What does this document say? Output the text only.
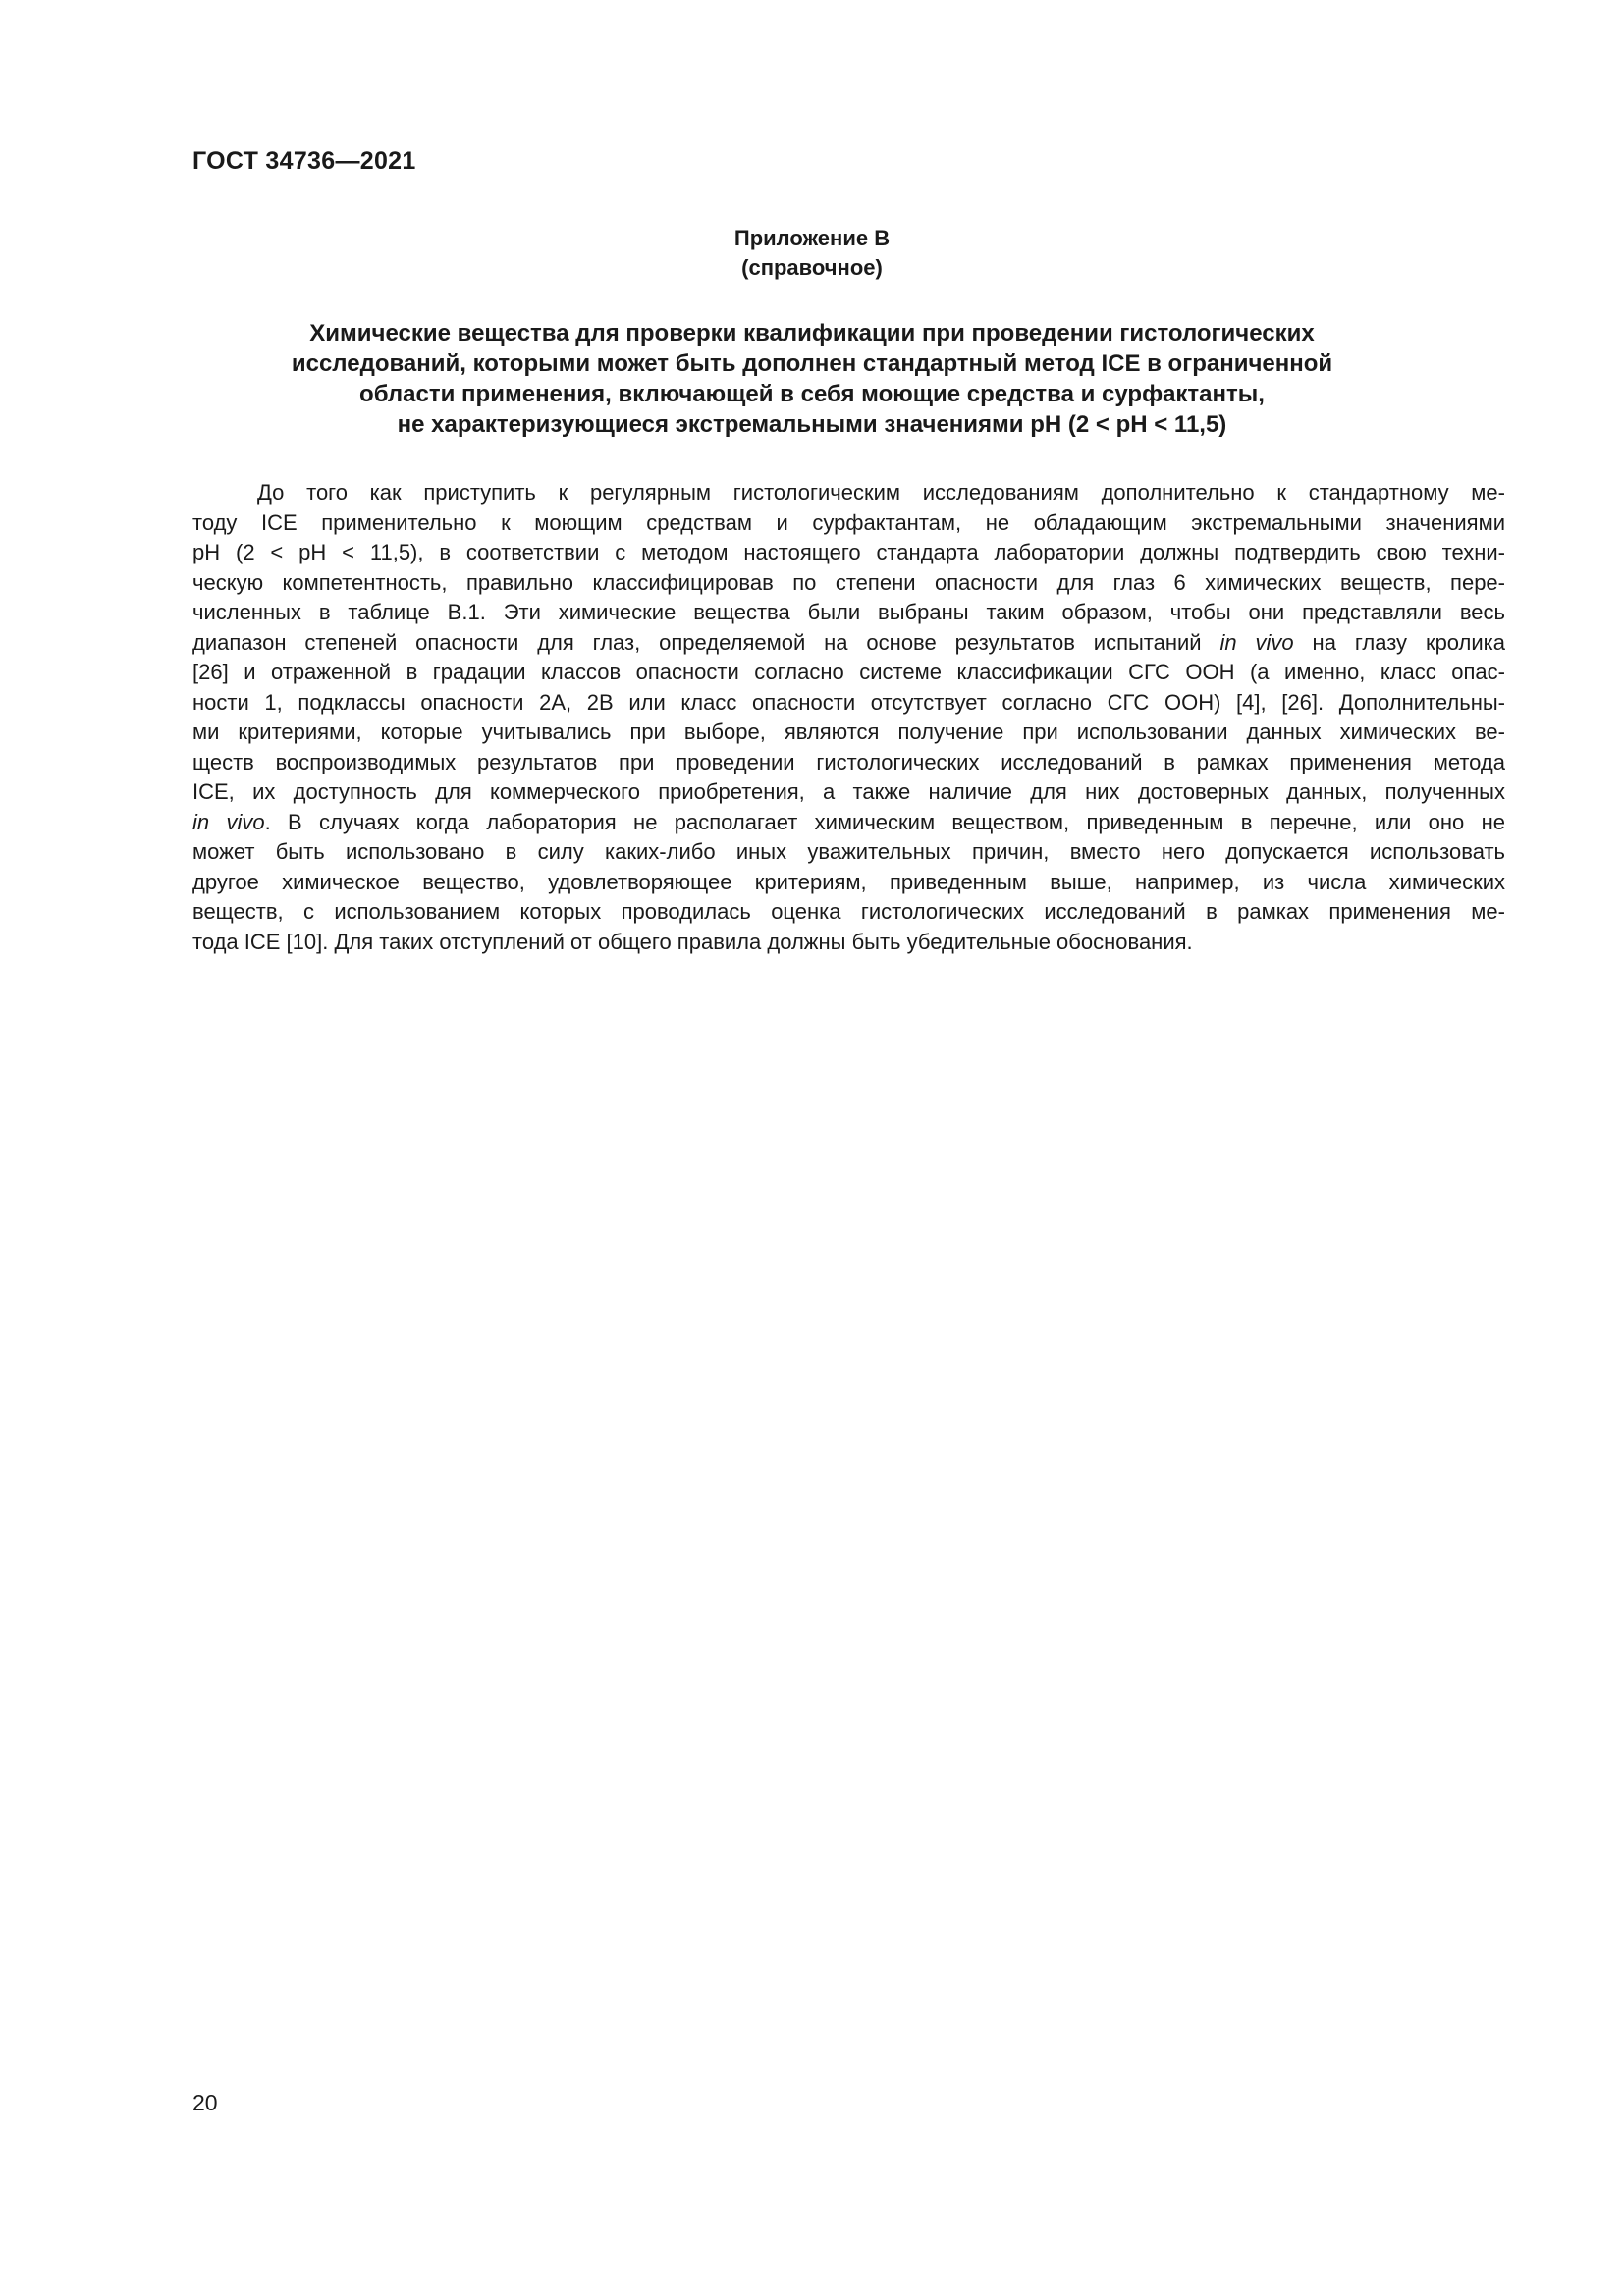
ГОСТ 34736—2021
Приложение В
(справочное)
Химические вещества для проверки квалификации при проведении гистологических
исследований, которыми может быть дополнен стандартный метод ICE в ограниченной
области применения, включающей в себя моющие средства и сурфактанты,
не характеризующиеся экстремальными значениями pH (2 < pH < 11,5)
До того как приступить к регулярным гистологическим исследованиям дополнительно к стандартному ме-
тоду ICE применительно к моющим средствам и сурфактантам, не обладающим экстремальными значениями
pH (2 < pH < 11,5), в соответствии с методом настоящего стандарта лаборатории должны подтвердить свою техни-
ческую компетентность, правильно классифицировав по степени опасности для глаз 6 химических веществ, пере-
численных в таблице В.1. Эти химические вещества были выбраны таким образом, чтобы они представляли весь
диапазон степеней опасности для глаз, определяемой на основе результатов испытаний in vivo на глазу кролика
[26] и отраженной в градации классов опасности согласно системе классификации СГС ООН (а именно, класс опас-
ности 1, подклассы опасности 2А, 2В или класс опасности отсутствует согласно СГС ООН) [4], [26]. Дополнительны-
ми критериями, которые учитывались при выборе, являются получение при использовании данных химических ве-
ществ воспроизводимых результатов при проведении гистологических исследований в рамках применения метода
ICE, их доступность для коммерческого приобретения, а также наличие для них достоверных данных, полученных
in vivo. В случаях когда лаборатория не располагает химическим веществом, приведенным в перечне, или оно не
может быть использовано в силу каких-либо иных уважительных причин, вместо него допускается использовать
другое химическое вещество, удовлетворяющее критериям, приведенным выше, например, из числа химических
веществ, с использованием которых проводилась оценка гистологических исследований в рамках применения ме-
тода ICE [10]. Для таких отступлений от общего правила должны быть убедительные обоснования.
20
